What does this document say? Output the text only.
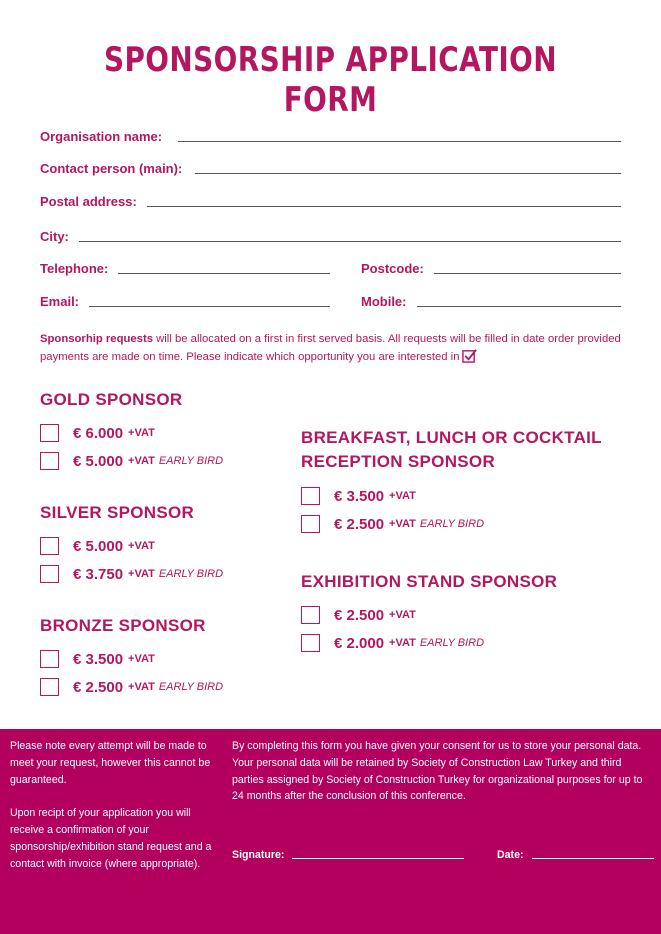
SPONSORSHIP APPLICATION FORM
Organisation name:
Contact person (main):
Postal address:
City:
Telephone:	Postcode:
Email:	Mobile:
Sponsorhip requests will be allocated on a first in first served basis. All requests will be filled in date order provided payments are made on time. Please indicate which opportunity you are interested in
GOLD SPONSOR
€ 6.000 +VAT
€ 5.000 +VAT EARLY BIRD
SILVER SPONSOR
€ 5.000 +VAT
€ 3.750 +VAT EARLY BIRD
BRONZE SPONSOR
€ 3.500 +VAT
€ 2.500 +VAT EARLY BIRD
BREAKFAST, LUNCH OR COCKTAIL
RECEPTION SPONSOR
€ 3.500 +VAT
€ 2.500 +VAT EARLY BIRD
EXHIBITION STAND SPONSOR
€ 2.500 +VAT
€ 2.000 +VAT EARLY BIRD

Please note every attempt will be made to meet your request, however this cannot be guaranteed.

Upon recipt of your application you will receive a confirmation of your sponsorship/exhibition stand request and a contact with invoice (where appropriate).

By completing this form you have given your consent for us to store your personal data. Your personal data will be retained by Society of Construction Law Turkey and third parties assigned by Society of Construction Turkey for organizational purposes for up to 24 months after the conclusion of this conference.
Signature:	Date:
